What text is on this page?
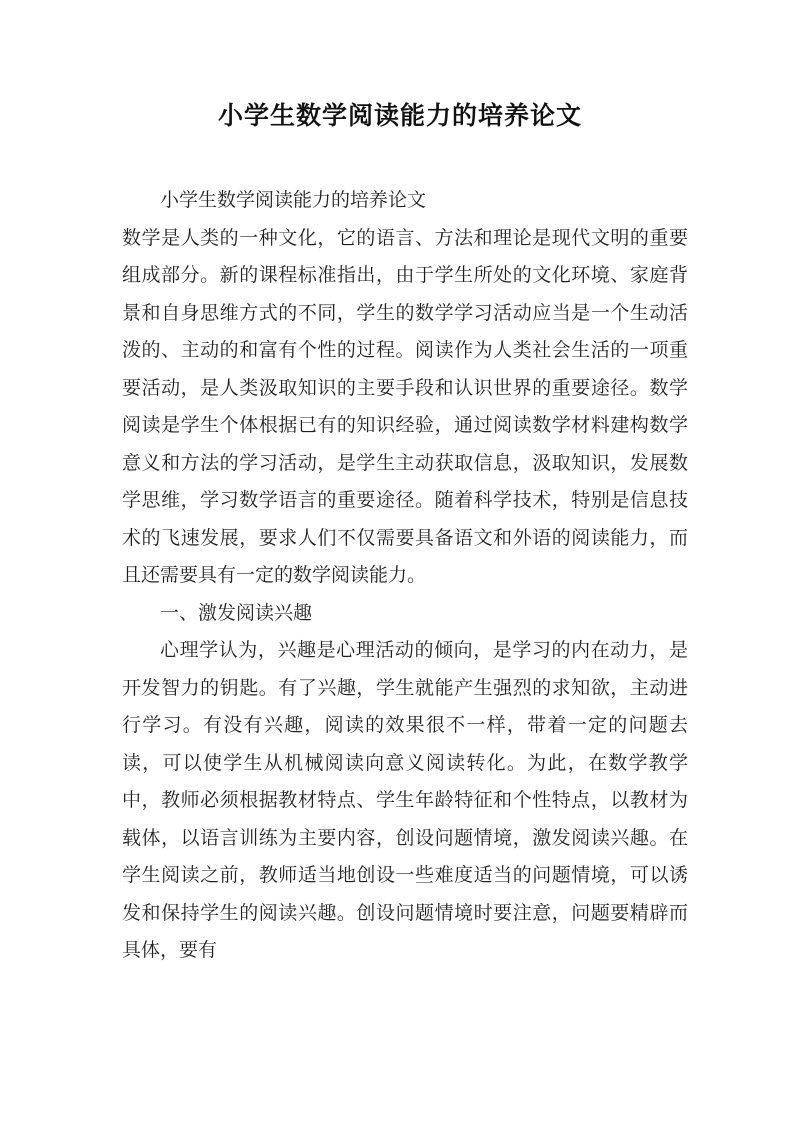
小学生数学阅读能力的培养论文

小学生数学阅读能力的培养论文

数学是人类的一种文化，它的语言、方法和理论是现代文明的重要组成部分。新的课程标准指出，由于学生所处的文化环境、家庭背景和自身思维方式的不同，学生的数学学习活动应当是一个生动活泼的、主动的和富有个性的过程。阅读作为人类社会生活的一项重要活动，是人类汲取知识的主要手段和认识世界的重要途径。数学阅读是学生个体根据已有的知识经验，通过阅读数学材料建构数学意义和方法的学习活动，是学生主动获取信息，汲取知识，发展数学思维，学习数学语言的重要途径。随着科学技术，特别是信息技术的飞速发展，要求人们不仅需要具备语文和外语的阅读能力，而且还需要具有一定的数学阅读能力。

一、激发阅读兴趣

心理学认为，兴趣是心理活动的倾向，是学习的内在动力，是开发智力的钥匙。有了兴趣，学生就能产生强烈的求知欲，主动进行学习。有没有兴趣，阅读的效果很不一样，带着一定的问题去读，可以使学生从机械阅读向意义阅读转化。为此，在数学教学中，教师必须根据教材特点、学生年龄特征和个性特点，以教材为载体，以语言训练为主要内容，创设问题情境，激发阅读兴趣。在学生阅读之前，教师适当地创设一些难度适当的问题情境，可以诱发和保持学生的阅读兴趣。创设问题情境时要注意，问题要精辟而具体，要有
